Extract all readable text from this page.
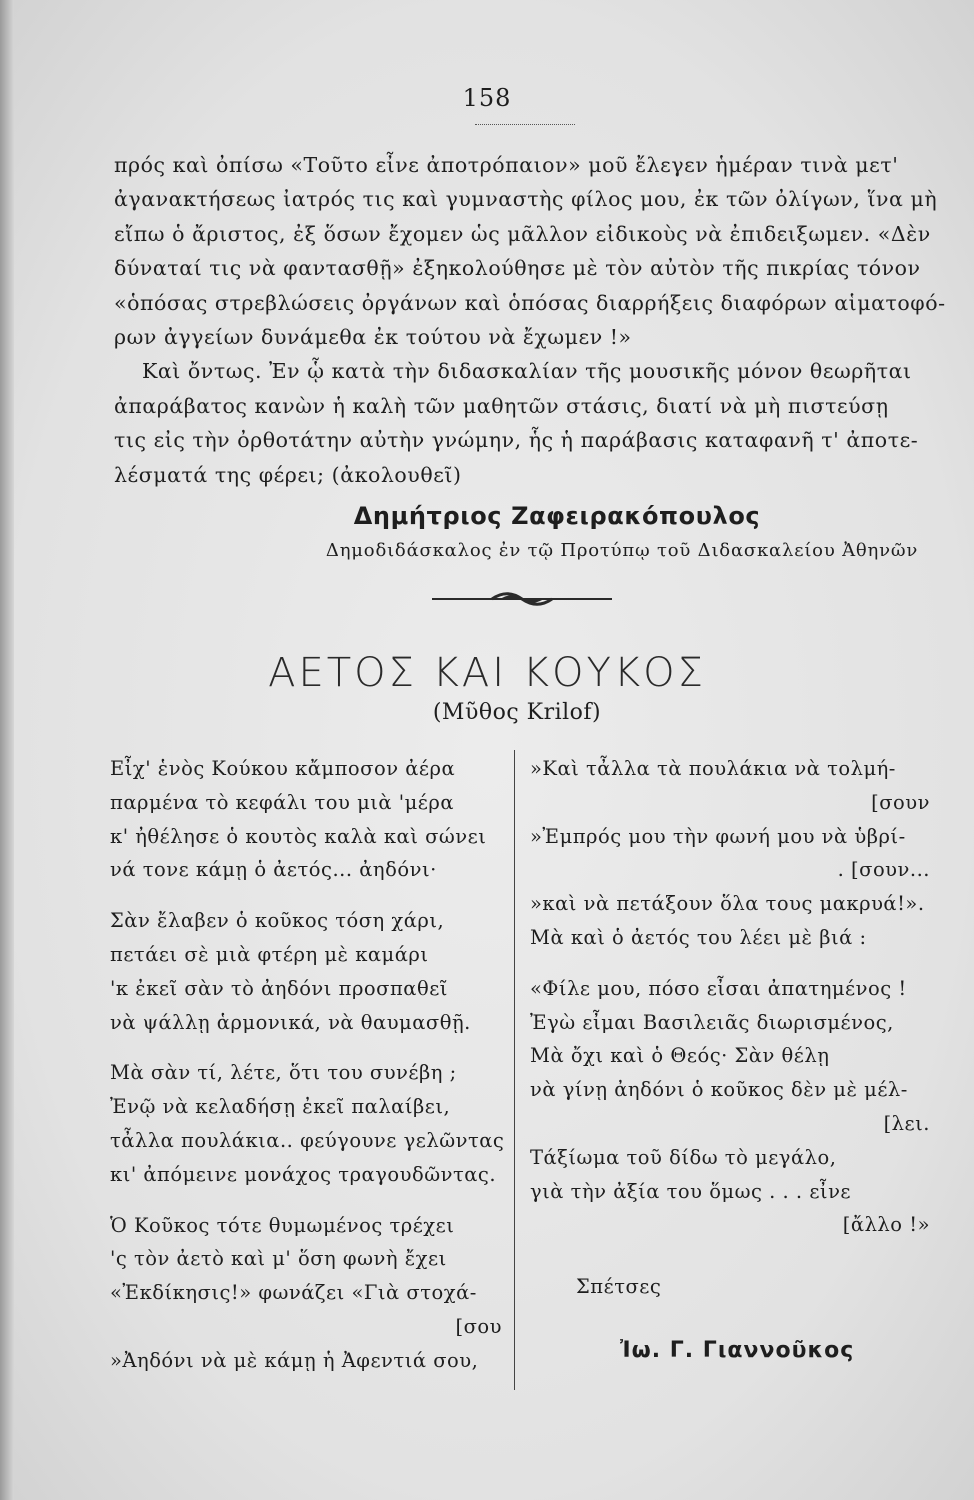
158
πρός καὶ ὀπίσω «Τοῦτο εἶνε ἀποτρόπαιον» μοῦ ἔλεγεν ἡμέραν τινὰ μετ'
ἀγανακτήσεως ἰατρός τις καὶ γυμναστὴς φίλος μου, ἐκ τῶν ὀλίγων, ἵνα μὴ
εἴπω ὁ ἄριστος, ἐξ ὅσων ἔχομεν ὡς μᾶλλον εἰδικοὺς νὰ ἐπιδειξωμεν. «Δὲν
δύναταί τις νὰ φαντασθῇ» ἐξηκολούθησε μὲ τὸν αὐτὸν τῆς πικρίας τόνον
«ὁπόσας στρεβλώσεις ὀργάνων καὶ ὁπόσας διαρρήξεις διαφόρων αἱματοφό-
ρων ἀγγείων δυνάμεθα ἐκ τούτου νὰ ἔχωμεν !»
Καὶ ὄντως. Ἐν ᾧ κατὰ τὴν διδασκαλίαν τῆς μουσικῆς μόνον θεωρῆται
ἀπαράβατος κανὼν ἡ καλὴ τῶν μαθητῶν στάσις, διατί νὰ μὴ πιστεύσῃ
τις εἰς τὴν ὀρθοτάτην αὐτὴν γνώμην, ἧς ἡ παράβασις καταφανῆ τ' ἀποτε-
λέσματά της φέρει; (ἀκολουθεῖ)
Δημήτριος Ζαφειρακόπουλος
Δημοδιδάσκαλος ἐν τῷ Προτύπῳ τοῦ Διδασκαλείου Ἀθηνῶν
ΑΕΤΟΣ ΚΑΙ ΚΟΥΚΟΣ
(Μῦθος Krilof)
Εἶχ' ἑνὸς Κούκου κἄμποσον ἀέρα
παρμένα τὸ κεφάλι του μιὰ 'μέρα
κ' ἠθέλησε ὁ κουτὸς καλὰ καὶ σώνει
νά τονε κάμῃ ὁ ἀετός... ἀηδόνι·
Σὰν ἔλαβεν ὁ κοῦκος τόση χάρι,
πετάει σὲ μιὰ φτέρη μὲ καμάρι
'κ ἐκεῖ σὰν τὸ ἀηδόνι προσπαθεῖ
νὰ ψάλλῃ ἁρμονικά, νὰ θαυμασθῇ.
Μὰ σὰν τί, λέτε, ὅτι του συνέβη ;
Ἐνῷ νὰ κελαδήσῃ ἐκεῖ παλαίβει,
τἆλλα πουλάκια.. φεύγουνε γελῶντας
κι' ἀπόμεινε μονάχος τραγουδῶντας.
Ὁ Κοῦκος τότε θυμωμένος τρέχει
'ς τὸν ἀετὸ καὶ μ' ὅση φωνὴ ἔχει
«Ἐκδίκησις!» φωνάζει «Γιὰ στοχά-
[σου
»Ἀηδόνι νὰ μὲ κάμῃ ἡ Ἀφεντιά σου,
»Καὶ τἆλλα τὰ πουλάκια νὰ τολμή-
[σουν
»Ἐμπρός μου τὴν φωνή μου νὰ ὑβρί-
. [σουν...
»καὶ νὰ πετάξουν ὅλα τους μακρυά!».
Μὰ καὶ ὁ ἀετός του λέει μὲ βιά :
«Φίλε μου, πόσο εἶσαι ἀπατημένος !
Ἐγὼ εἶμαι Βασιλειᾶς διωρισμένος,
Μὰ ὄχι καὶ ὁ Θεός· Σὰν θέλῃ
νὰ γίνῃ ἀηδόνι ὁ κοῦκος δὲν μὲ μέλ-
[λει.
Τάξίωμα τοῦ δίδω τὸ μεγάλο,
γιὰ τὴν ἀξία του ὅμως . . . εἶνε
[ἄλλο !»
Σπέτσες
Ἰω. Γ. Γιαννοῦκος
